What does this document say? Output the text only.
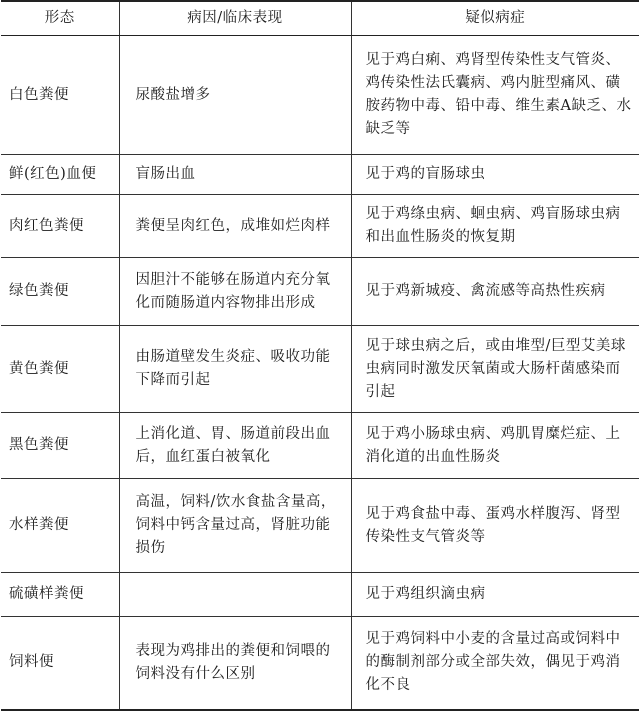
形态	病因/临床表现	疑似病症
白色粪便	尿酸盐增多	见于鸡白痢、鸡肾型传染性支气管炎、鸡传染性法氏囊病、鸡内脏型痛风、磺胺药物中毒、铅中毒、维生素A缺乏、水缺乏等
鲜(红色)血便	盲肠出血	见于鸡的盲肠球虫
肉红色粪便	粪便呈肉红色，成堆如烂肉样	见于鸡绦虫病、蛔虫病、鸡盲肠球虫病和出血性肠炎的恢复期
绿色粪便	因胆汁不能够在肠道内充分氧化而随肠道内容物排出形成	见于鸡新城疫、禽流感等高热性疾病
黄色粪便	由肠道壁发生炎症、吸收功能下降而引起	见于球虫病之后，或由堆型/巨型艾美球虫病同时激发厌氧菌或大肠杆菌感染而引起
黑色粪便	上消化道、胃、肠道前段出血后，血红蛋白被氧化	见于鸡小肠球虫病、鸡肌胃糜烂症、上消化道的出血性肠炎
水样粪便	高温，饲料/饮水食盐含量高，饲料中钙含量过高，肾脏功能损伤	见于鸡食盐中毒、蛋鸡水样腹泻、肾型传染性支气管炎等
硫磺样粪便		见于鸡组织滴虫病
饲料便	表现为鸡排出的粪便和饲喂的饲料没有什么区别	见于鸡饲料中小麦的含量过高或饲料中的酶制剂部分或全部失效，偶见于鸡消化不良
